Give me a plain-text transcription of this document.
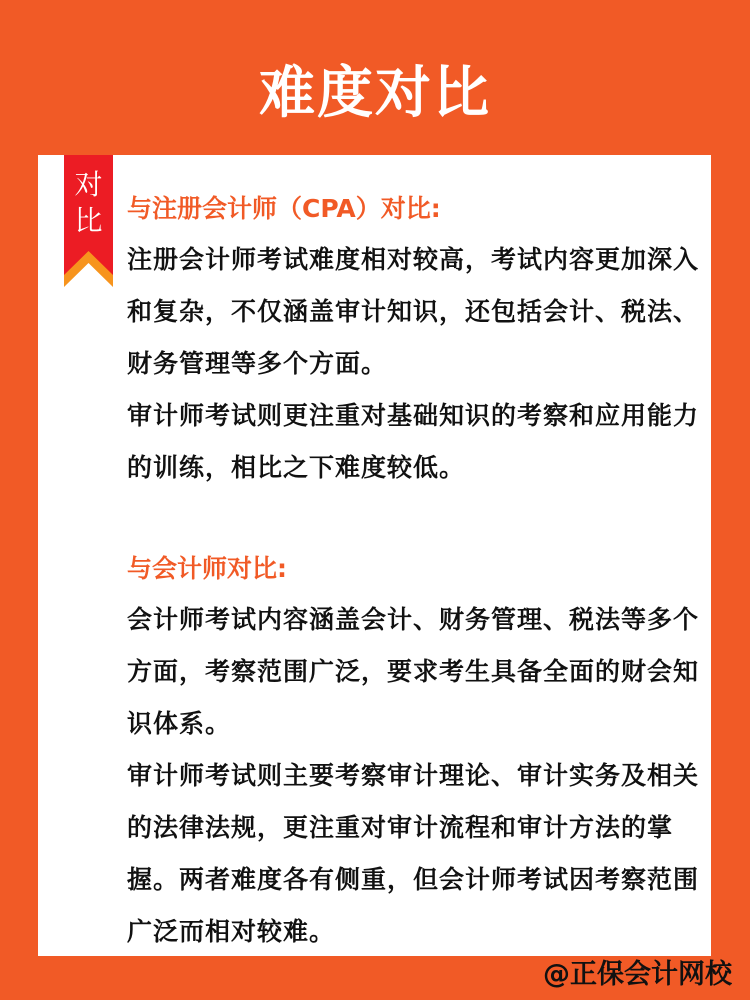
难度对比
对
比 与注册会计师（CPA）对比:

注册会计师考试难度相对较高，考试内容更加深入和复杂，不仅涵盖审计知识，还包括会计、税法、财务管理等多个方面。

审计师考试则更注重对基础知识的考察和应用能力的训练，相比之下难度较低。

与会计师对比:

会计师考试内容涵盖会计、财务管理、税法等多个方面，考察范围广泛，要求考生具备全面的财会知识体系。

审计师考试则主要考察审计理论、审计实务及相关的法律法规，更注重对审计流程和审计方法的掌握。两者难度各有侧重，但会计师考试因考察范围广泛而相对较难。

@正保会计网校
